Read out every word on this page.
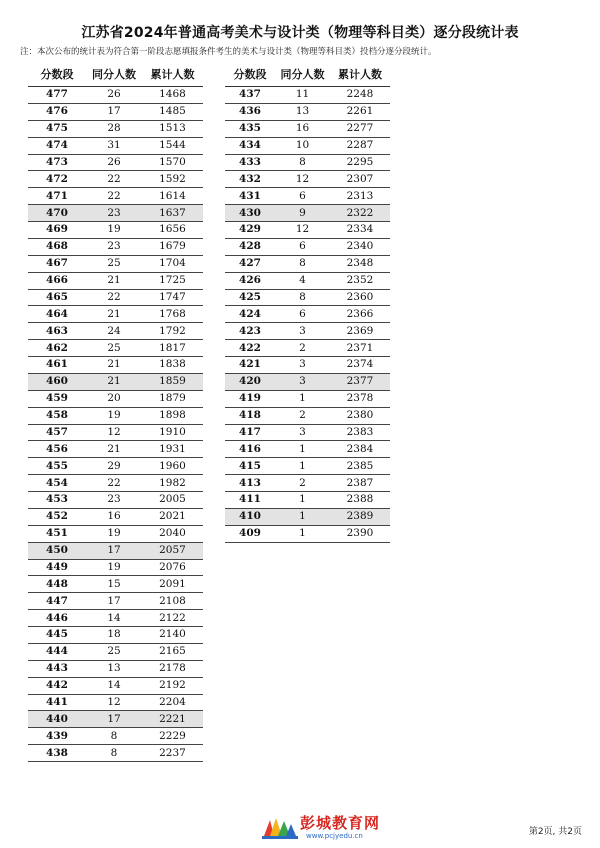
江苏省2024年普通高考美术与设计类（物理等科目类）逐分段统计表
注：本次公布的统计表为符合第一阶段志愿填报条件考生的美术与设计类（物理等科目类）投档分逐分段统计。
分数段	同分人数	累计人数
477	26	1468
476	17	1485
475	28	1513
474	31	1544
473	26	1570
472	22	1592
471	22	1614
470	23	1637
469	19	1656
468	23	1679
467	25	1704
466	21	1725
465	22	1747
464	21	1768
463	24	1792
462	25	1817
461	21	1838
460	21	1859
459	20	1879
458	19	1898
457	12	1910
456	21	1931
455	29	1960
454	22	1982
453	23	2005
452	16	2021
451	19	2040
450	17	2057
449	19	2076
448	15	2091
447	17	2108
446	14	2122
445	18	2140
444	25	2165
443	13	2178
442	14	2192
441	12	2204
440	17	2221
439	8	2229
438	8	2237
分数段	同分人数	累计人数
437	11	2248
436	13	2261
435	16	2277
434	10	2287
433	8	2295
432	12	2307
431	6	2313
430	9	2322
429	12	2334
428	6	2340
427	8	2348
426	4	2352
425	8	2360
424	6	2366
423	3	2369
422	2	2371
421	3	2374
420	3	2377
419	1	2378
418	2	2380
417	3	2383
416	1	2384
415	1	2385
413	2	2387
411	1	2388
410	1	2389
409	1	2390
彭城教育网
www.pcjyedu.cn	第2页, 共2页
